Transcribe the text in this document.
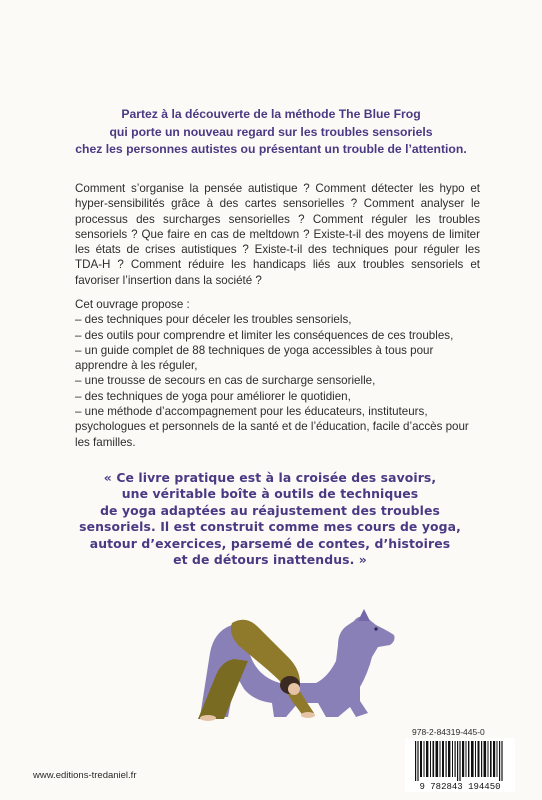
Partez à la découverte de la méthode The Blue Frog
qui porte un nouveau regard sur les troubles sensoriels
chez les personnes autistes ou présentant un trouble de l’attention.

Comment s’organise la pensée autistique ? Comment détecter les hypo et hyper-sensibilités grâce à des cartes sensorielles ? Comment analyser le processus des surcharges sensorielles ? Comment réguler les troubles sensoriels ? Que faire en cas de meltdown ? Existe-t-il des moyens de limiter les états de crises autistiques ? Existe-t-il des techniques pour réguler les TDA-H ? Comment réduire les handicaps liés aux troubles sensoriels et favoriser l’insertion dans la société ?

Cet ouvrage propose :
– des techniques pour déceler les troubles sensoriels,
– des outils pour comprendre et limiter les conséquences de ces troubles,
– un guide complet de 88 techniques de yoga accessibles à tous pour apprendre à les réguler,
– une trousse de secours en cas de surcharge sensorielle,
– des techniques de yoga pour améliorer le quotidien,
– une méthode d’accompagnement pour les éducateurs, instituteurs, psychologues et personnels de la santé et de l’éducation, facile d’accès pour les familles.
« Ce livre pratique est à la croisée des savoirs,
une véritable boîte à outils de techniques
de yoga adaptées au réajustement des troubles
sensoriels. Il est construit comme mes cours de yoga,
autour d’exercices, parsemé de contes, d’histoires
et de détours inattendus. »
978-2-84319-445-0
9 782843 194450
www.editions-tredaniel.fr
